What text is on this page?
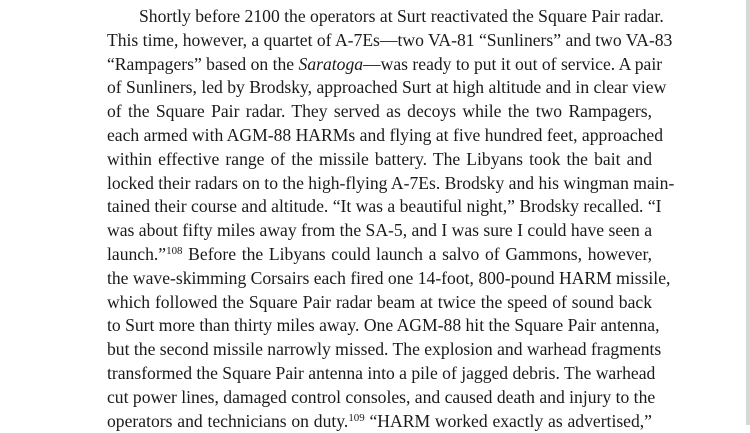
Shortly before 2100 the operators at Surt reactivated the Square Pair radar.
This time, however, a quartet of A-7Es—two VA-81 “Sunliners” and two VA-83
“Rampagers” based on the Saratoga—was ready to put it out of service. A pair
of Sunliners, led by Brodsky, approached Surt at high altitude and in clear view
of the Square Pair radar. They served as decoys while the two Rampagers,
each armed with AGM-88 HARMs and flying at five hundred feet, approached
within effective range of the missile battery. The Libyans took the bait and
locked their radars on to the high-flying A-7Es. Brodsky and his wingman main-
tained their course and altitude. “It was a beautiful night,” Brodsky recalled. “I
was about fifty miles away from the SA-5, and I was sure I could have seen a
launch.”$^{108}$ Before the Libyans could launch a salvo of Gammons, however,
the wave-skimming Corsairs each fired one 14-foot, 800-pound HARM missile,
which followed the Square Pair radar beam at twice the speed of sound back
to Surt more than thirty miles away. One AGM-88 hit the Square Pair antenna,
but the second missile narrowly missed. The explosion and warhead fragments
transformed the Square Pair antenna into a pile of jagged debris. The warhead
cut power lines, damaged control consoles, and caused death and injury to the
operators and technicians on duty.$^{109}$ “HARM worked exactly as advertised,”
